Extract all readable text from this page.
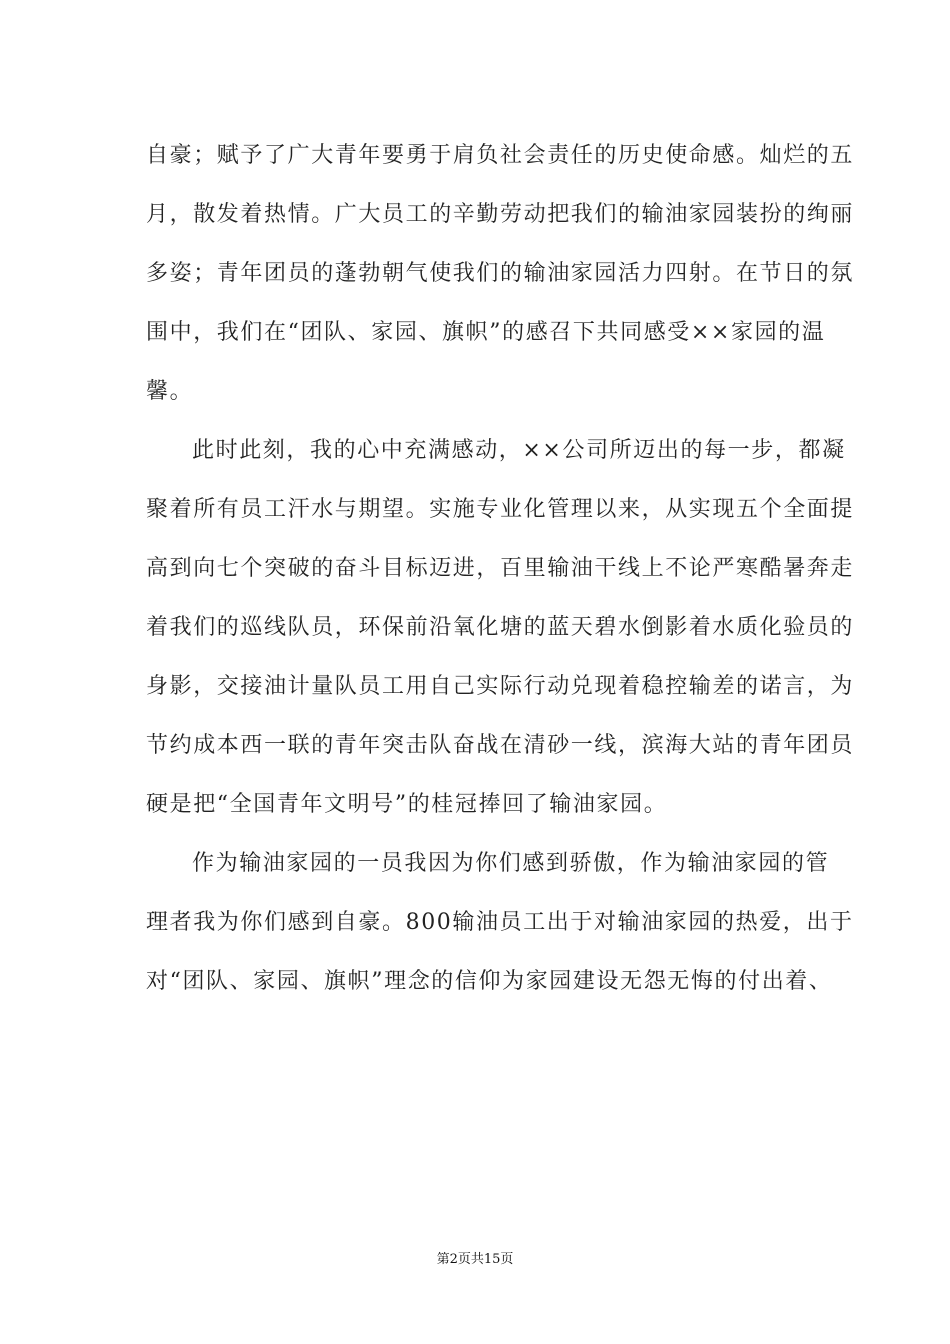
自豪；赋予了广大青年要勇于肩负社会责任的历史使命感。灿烂的五
月，散发着热情。广大员工的辛勤劳动把我们的输油家园装扮的绚丽
多姿；青年团员的蓬勃朝气使我们的输油家园活力四射。在节日的氛
围中，我们在“团队、家园、旗帜”的感召下共同感受××家园的温
馨。
此时此刻，我的心中充满感动，××公司所迈出的每一步，都凝
聚着所有员工汗水与期望。实施专业化管理以来，从实现五个全面提
高到向七个突破的奋斗目标迈进，百里输油干线上不论严寒酷暑奔走
着我们的巡线队员，环保前沿氧化塘的蓝天碧水倒影着水质化验员的
身影，交接油计量队员工用自己实际行动兑现着稳控输差的诺言，为
节约成本西一联的青年突击队奋战在清砂一线，滨海大站的青年团员
硬是把“全国青年文明号”的桂冠捧回了输油家园。
作为输油家园的一员我因为你们感到骄傲，作为输油家园的管
理者我为你们感到自豪。800输油员工出于对输油家园的热爱，出于
对“团队、家园、旗帜”理念的信仰为家园建设无怨无悔的付出着、
第2页共15页
